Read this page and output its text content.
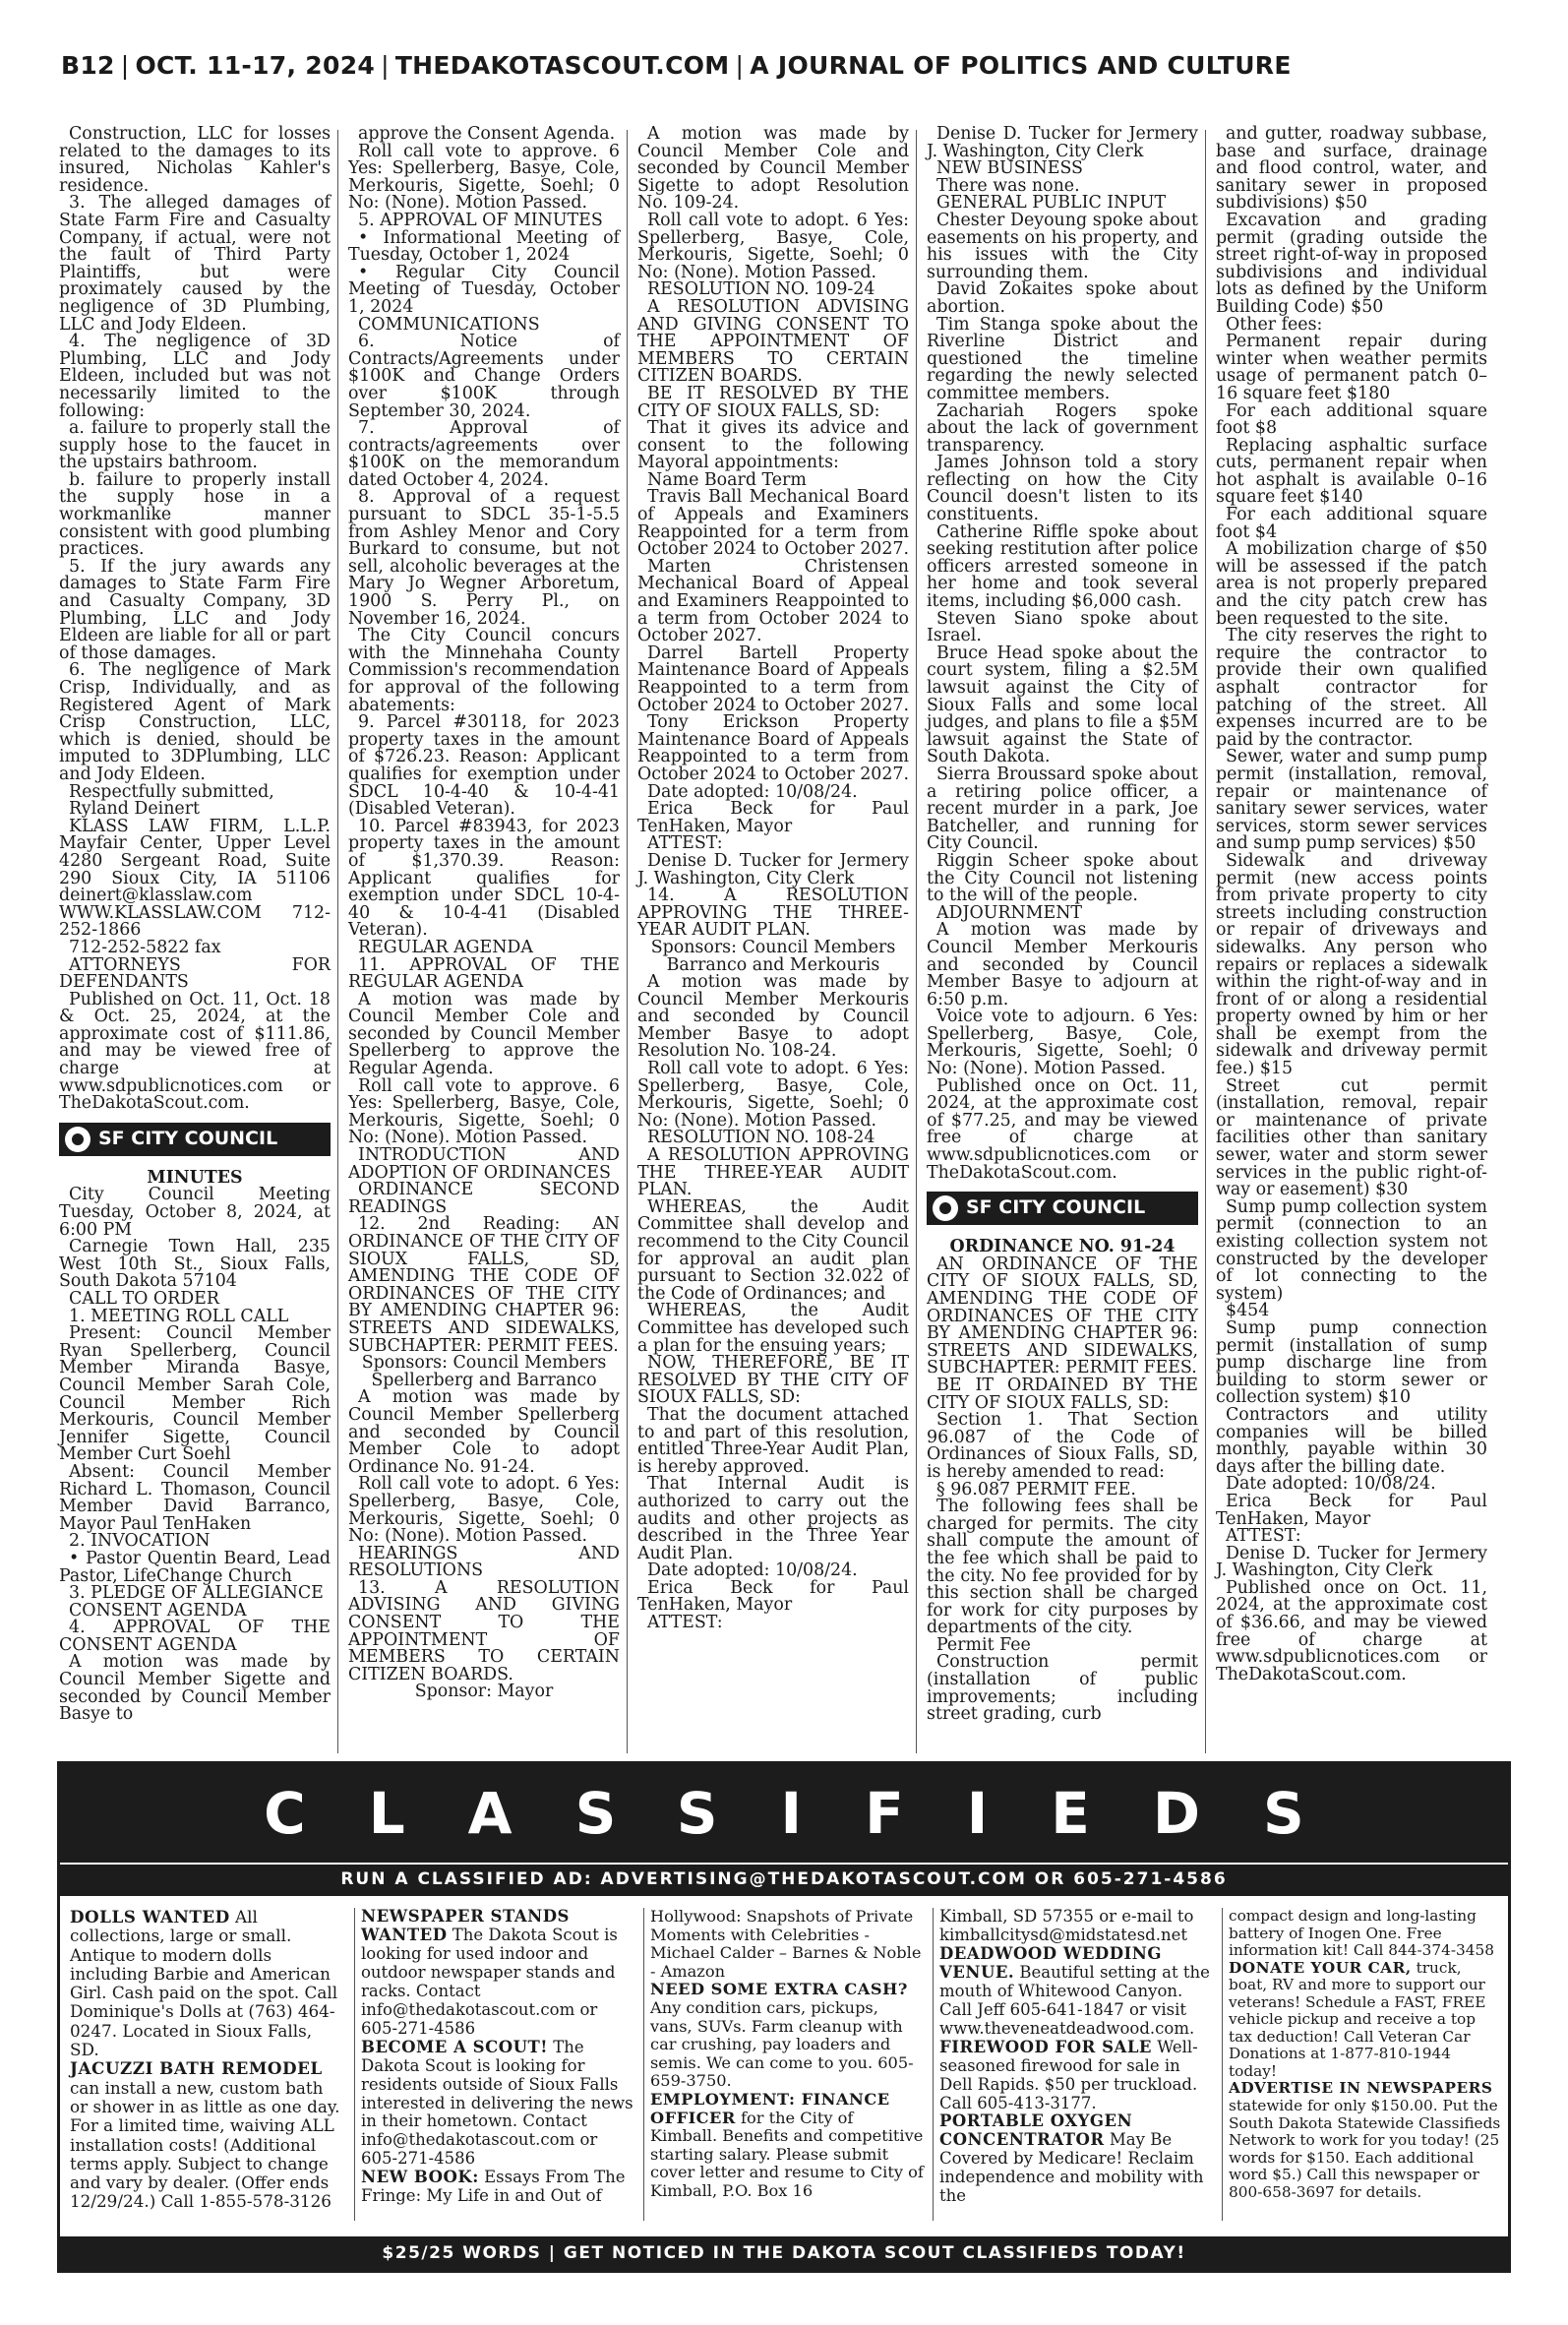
B12 | OCT. 11-17, 2024 | THEDAKOTASCOUT.COM | A JOURNAL OF POLITICS AND CULTURE

Construction, LLC for losses related to the damages to its insured, Nicholas Kahler's residence.

3. The alleged damages of State Farm Fire and Casualty Company, if actual, were not the fault of Third Party Plaintiffs, but were proximately caused by the negligence of 3D Plumbing, LLC and Jody Eldeen.

4. The negligence of 3D Plumbing, LLC and Jody Eldeen, included but was not necessarily limited to the following:

a. failure to properly stall the supply hose to the faucet in the upstairs bathroom.

b. failure to properly install the supply hose in a workmanlike manner consistent with good plumbing practices.

5. If the jury awards any damages to State Farm Fire and Casualty Company, 3D Plumbing, LLC and Jody Eldeen are liable for all or part of those damages.

6. The negligence of Mark Crisp, Individually, and as Registered Agent of Mark Crisp Construction, LLC, which is denied, should be imputed to 3DPlumbing, LLC and Jody Eldeen.

Respectfully submitted,

Ryland Deinert

KLASS LAW FIRM, L.L.P. Mayfair Center, Upper Level 4280 Sergeant Road, Suite 290 Sioux City, IA 51106 deinert@klasslaw.com WWW.KLASSLAW.COM 712-252-1866

712-252-5822 fax

ATTORNEYS FOR DEFENDANTS

Published on Oct. 11, Oct. 18 & Oct. 25, 2024, at the approximate cost of $111.86, and may be viewed free of charge at www.sdpublicnotices.com or TheDakotaScout.com.

SF CITY COUNCIL

MINUTES

City Council Meeting Tuesday, October 8, 2024, at 6:00 PM

Carnegie Town Hall, 235 West 10th St., Sioux Falls, South Dakota 57104

CALL TO ORDER

1. MEETING ROLL CALL

Present: Council Member Ryan Spellerberg, Council Member Miranda Basye, Council Member Sarah Cole, Council Member Rich Merkouris, Council Member Jennifer Sigette, Council Member Curt Soehl

Absent: Council Member Richard L. Thomason, Council Member David Barranco, Mayor Paul TenHaken

2. INVOCATION

• Pastor Quentin Beard, Lead Pastor, LifeChange Church

3. PLEDGE OF ALLEGIANCE

CONSENT AGENDA

4. APPROVAL OF THE CONSENT AGENDA

A motion was made by Council Member Sigette and seconded by Council Member Basye to

approve the Consent Agenda.

Roll call vote to approve. 6 Yes: Spellerberg, Basye, Cole, Merkouris, Sigette, Soehl; 0 No: (None). Motion Passed.

5. APPROVAL OF MINUTES

• Informational Meeting of Tuesday, October 1, 2024

• Regular City Council Meeting of Tuesday, October 1, 2024

COMMUNICATIONS

6. Notice of Contracts/Agreements under $100K and Change Orders over $100K through September 30, 2024.

7. Approval of contracts/agreements over $100K on the memorandum dated October 4, 2024.

8. Approval of a request pursuant to SDCL 35-1-5.5 from Ashley Menor and Cory Burkard to consume, but not sell, alcoholic beverages at the Mary Jo Wegner Arboretum, 1900 S. Perry Pl., on November 16, 2024.

The City Council concurs with the Minnehaha County Commission's recommendation for approval of the following abatements:

9. Parcel #30118, for 2023 property taxes in the amount of $726.23. Reason: Applicant qualifies for exemption under SDCL 10-4-40 & 10-4-41 (Disabled Veteran).

10. Parcel #83943, for 2023 property taxes in the amount of $1,370.39. Reason: Applicant qualifies for exemption under SDCL 10-4-40 & 10-4-41 (Disabled Veteran).

REGULAR AGENDA

11. APPROVAL OF THE REGULAR AGENDA

A motion was made by Council Member Cole and seconded by Council Member Spellerberg to approve the Regular Agenda.

Roll call vote to approve. 6 Yes: Spellerberg, Basye, Cole, Merkouris, Sigette, Soehl; 0 No: (None). Motion Passed.

INTRODUCTION AND ADOPTION OF ORDINANCES

ORDINANCE SECOND READINGS

12. 2nd Reading: AN ORDINANCE OF THE CITY OF SIOUX FALLS, SD, AMENDING THE CODE OF ORDINANCES OF THE CITY BY AMENDING CHAPTER 96: STREETS AND SIDEWALKS, SUBCHAPTER: PERMIT FEES.

Sponsors: Council Members Spellerberg and Barranco

A motion was made by Council Member Spellerberg and seconded by Council Member Cole to adopt Ordinance No. 91-24.

Roll call vote to adopt. 6 Yes: Spellerberg, Basye, Cole, Merkouris, Sigette, Soehl; 0 No: (None). Motion Passed.

HEARINGS AND RESOLUTIONS

13. A RESOLUTION ADVISING AND GIVING CONSENT TO THE APPOINTMENT OF MEMBERS TO CERTAIN CITIZEN BOARDS.

Sponsor: Mayor

A motion was made by Council Member Cole and seconded by Council Member Sigette to adopt Resolution No. 109-24.

Roll call vote to adopt. 6 Yes: Spellerberg, Basye, Cole, Merkouris, Sigette, Soehl; 0 No: (None). Motion Passed.

RESOLUTION NO. 109-24

A RESOLUTION ADVISING AND GIVING CONSENT TO THE APPOINTMENT OF MEMBERS TO CERTAIN CITIZEN BOARDS.

BE IT RESOLVED BY THE CITY OF SIOUX FALLS, SD:

That it gives its advice and consent to the following Mayoral appointments:

Name Board Term

Travis Ball Mechanical Board of Appeals and Examiners Reappointed for a term from October 2024 to October 2027.

Marten Christensen Mechanical Board of Appeal and Examiners Reappointed to a term from October 2024 to October 2027.

Darrel Bartell Property Maintenance Board of Appeals Reappointed to a term from October 2024 to October 2027.

Tony Erickson Property Maintenance Board of Appeals Reappointed to a term from October 2024 to October 2027.

Date adopted: 10/08/24.

Erica Beck for Paul TenHaken, Mayor

ATTEST:

Denise D. Tucker for Jermery J. Washington, City Clerk

14. A RESOLUTION APPROVING THE THREE-YEAR AUDIT PLAN.

Sponsors: Council Members Barranco and Merkouris

A motion was made by Council Member Merkouris and seconded by Council Member Basye to adopt Resolution No. 108-24.

Roll call vote to adopt. 6 Yes: Spellerberg, Basye, Cole, Merkouris, Sigette, Soehl; 0 No: (None). Motion Passed.

RESOLUTION NO. 108-24

A RESOLUTION APPROVING THE THREE-YEAR AUDIT PLAN.

WHEREAS, the Audit Committee shall develop and recommend to the City Council for approval an audit plan pursuant to Section 32.022 of the Code of Ordinances; and

WHEREAS, the Audit Committee has developed such a plan for the ensuing years;

NOW, THEREFORE, BE IT RESOLVED BY THE CITY OF SIOUX FALLS, SD:

That the document attached to and part of this resolution, entitled Three-Year Audit Plan, is hereby approved.

That Internal Audit is authorized to carry out the audits and other projects as described in the Three Year Audit Plan.

Date adopted: 10/08/24.

Erica Beck for Paul TenHaken, Mayor

ATTEST:

Denise D. Tucker for Jermery J. Washington, City Clerk

NEW BUSINESS

There was none.

GENERAL PUBLIC INPUT

Chester Deyoung spoke about easements on his property, and his issues with the City surrounding them.

David Zokaites spoke about abortion.

Tim Stanga spoke about the Riverline District and questioned the timeline regarding the newly selected committee members.

Zachariah Rogers spoke about the lack of government transparency.

James Johnson told a story reflecting on how the City Council doesn't listen to its constituents.

Catherine Riffle spoke about seeking restitution after police officers arrested someone in her home and took several items, including $6,000 cash.

Steven Siano spoke about Israel.

Bruce Head spoke about the court system, filing a $2.5M lawsuit against the City of Sioux Falls and some local judges, and plans to file a $5M lawsuit against the State of South Dakota.

Sierra Broussard spoke about a retiring police officer, a recent murder in a park, Joe Batcheller, and running for City Council.

Riggin Scheer spoke about the City Council not listening to the will of the people.

ADJOURNMENT

A motion was made by Council Member Merkouris and seconded by Council Member Basye to adjourn at 6:50 p.m.

Voice vote to adjourn. 6 Yes: Spellerberg, Basye, Cole, Merkouris, Sigette, Soehl; 0 No: (None). Motion Passed.

Published once on Oct. 11, 2024, at the approximate cost of $77.25, and may be viewed free of charge at www.sdpublicnotices.com or TheDakotaScout.com.

SF CITY COUNCIL

ORDINANCE NO. 91-24

AN ORDINANCE OF THE CITY OF SIOUX FALLS, SD, AMENDING THE CODE OF ORDINANCES OF THE CITY BY AMENDING CHAPTER 96: STREETS AND SIDEWALKS, SUBCHAPTER: PERMIT FEES.

BE IT ORDAINED BY THE CITY OF SIOUX FALLS, SD:

Section 1. That Section 96.087 of the Code of Ordinances of Sioux Falls, SD, is hereby amended to read:

§ 96.087 PERMIT FEE.

The following fees shall be charged for permits. The city shall compute the amount of the fee which shall be paid to the city. No fee provided for by this section shall be charged for work for city purposes by departments of the city.

Permit Fee

Construction permit (installation of public improvements; including street grading, curb

and gutter, roadway subbase, base and surface, drainage and flood control, water, and sanitary sewer in proposed subdivisions) $50

Excavation and grading permit (grading outside the street right-of-way in proposed subdivisions and individual lots as defined by the Uniform Building Code) $50

Other fees:

Permanent repair during winter when weather permits usage of permanent patch 0–16 square feet $180

For each additional square foot $8

Replacing asphaltic surface cuts, permanent repair when hot asphalt is available 0–16 square feet $140

For each additional square foot $4

A mobilization charge of $50 will be assessed if the patch area is not properly prepared and the city patch crew has been requested to the site.

The city reserves the right to require the contractor to provide their own qualified asphalt contractor for patching of the street. All expenses incurred are to be paid by the contractor.

Sewer, water and sump pump permit (installation, removal, repair or maintenance of sanitary sewer services, water services, storm sewer services and sump pump services) $50

Sidewalk and driveway permit (new access points from private property to city streets including construction or repair of driveways and sidewalks. Any person who repairs or replaces a sidewalk within the right-of-way and in front of or along a residential property owned by him or her shall be exempt from the sidewalk and driveway permit fee.) $15

Street cut permit (installation, removal, repair or maintenance of private facilities other than sanitary sewer, water and storm sewer services in the public right-of-way or easement) $30

Sump pump collection system permit (connection to an existing collection system not constructed by the developer of lot connecting to the system)

$454

Sump pump connection permit (installation of sump pump discharge line from building to storm sewer or collection system) $10

Contractors and utility companies will be billed monthly, payable within 30 days after the billing date.

Date adopted: 10/08/24.

Erica Beck for Paul TenHaken, Mayor

ATTEST:

Denise D. Tucker for Jermery J. Washington, City Clerk

Published once on Oct. 11, 2024, at the approximate cost of $36.66, and may be viewed free of charge at www.sdpublicnotices.com or TheDakotaScout.com.

CLASSIFIEDS
RUN A CLASSIFIED AD: ADVERTISING@THEDAKOTASCOUT.COM OR 605-271-4586

DOLLS WANTED All collections, large or small. Antique to modern dolls including Barbie and American Girl. Cash paid on the spot. Call Dominique's Dolls at (763) 464-0247. Located in Sioux Falls, SD.

JACUZZI BATH REMODEL can install a new, custom bath or shower in as little as one day. For a limited time, waiving ALL installation costs! (Additional terms apply. Subject to change and vary by dealer. (Offer ends 12/29/24.) Call 1-855-578-3126

NEWSPAPER STANDS WANTED The Dakota Scout is looking for used indoor and outdoor newspaper stands and racks. Contact info@thedakotascout.com or 605-271-4586

BECOME A SCOUT! The Dakota Scout is looking for residents outside of Sioux Falls interested in delivering the news in their hometown. Contact info@thedakotascout.com or 605-271-4586

NEW BOOK: Essays From The Fringe: My Life in and Out of

Hollywood: Snapshots of Private Moments with Celebrities - Michael Calder – Barnes & Noble - Amazon

NEED SOME EXTRA CASH? Any condition cars, pickups, vans, SUVs. Farm cleanup with car crushing, pay loaders and semis. We can come to you. 605-659-3750.

EMPLOYMENT: FINANCE OFFICER for the City of Kimball. Benefits and competitive starting salary. Please submit cover letter and resume to City of Kimball, P.O. Box 16

Kimball, SD 57355 or e-mail to kimballcitysd@midstatesd.net

DEADWOOD WEDDING VENUE. Beautiful setting at the mouth of Whitewood Canyon. Call Jeff 605-641-1847 or visit www.theveneatdeadwood.com.

FIREWOOD FOR SALE Well-seasoned firewood for sale in Dell Rapids. $50 per truckload. Call 605-413-3177.

PORTABLE OXYGEN CONCENTRATOR May Be Covered by Medicare! Reclaim independence and mobility with the

compact design and long-lasting battery of Inogen One. Free information kit! Call 844-374-3458

DONATE YOUR CAR, truck, boat, RV and more to support our veterans! Schedule a FAST, FREE vehicle pickup and receive a top tax deduction! Call Veteran Car Donations at 1-877-810-1944 today!

ADVERTISE IN NEWSPAPERS statewide for only $150.00. Put the South Dakota Statewide Classifieds Network to work for you today! (25 words for $150. Each additional word $5.) Call this newspaper or 800-658-3697 for details.

$25/25 WORDS | GET NOTICED IN THE DAKOTA SCOUT CLASSIFIEDS TODAY!
